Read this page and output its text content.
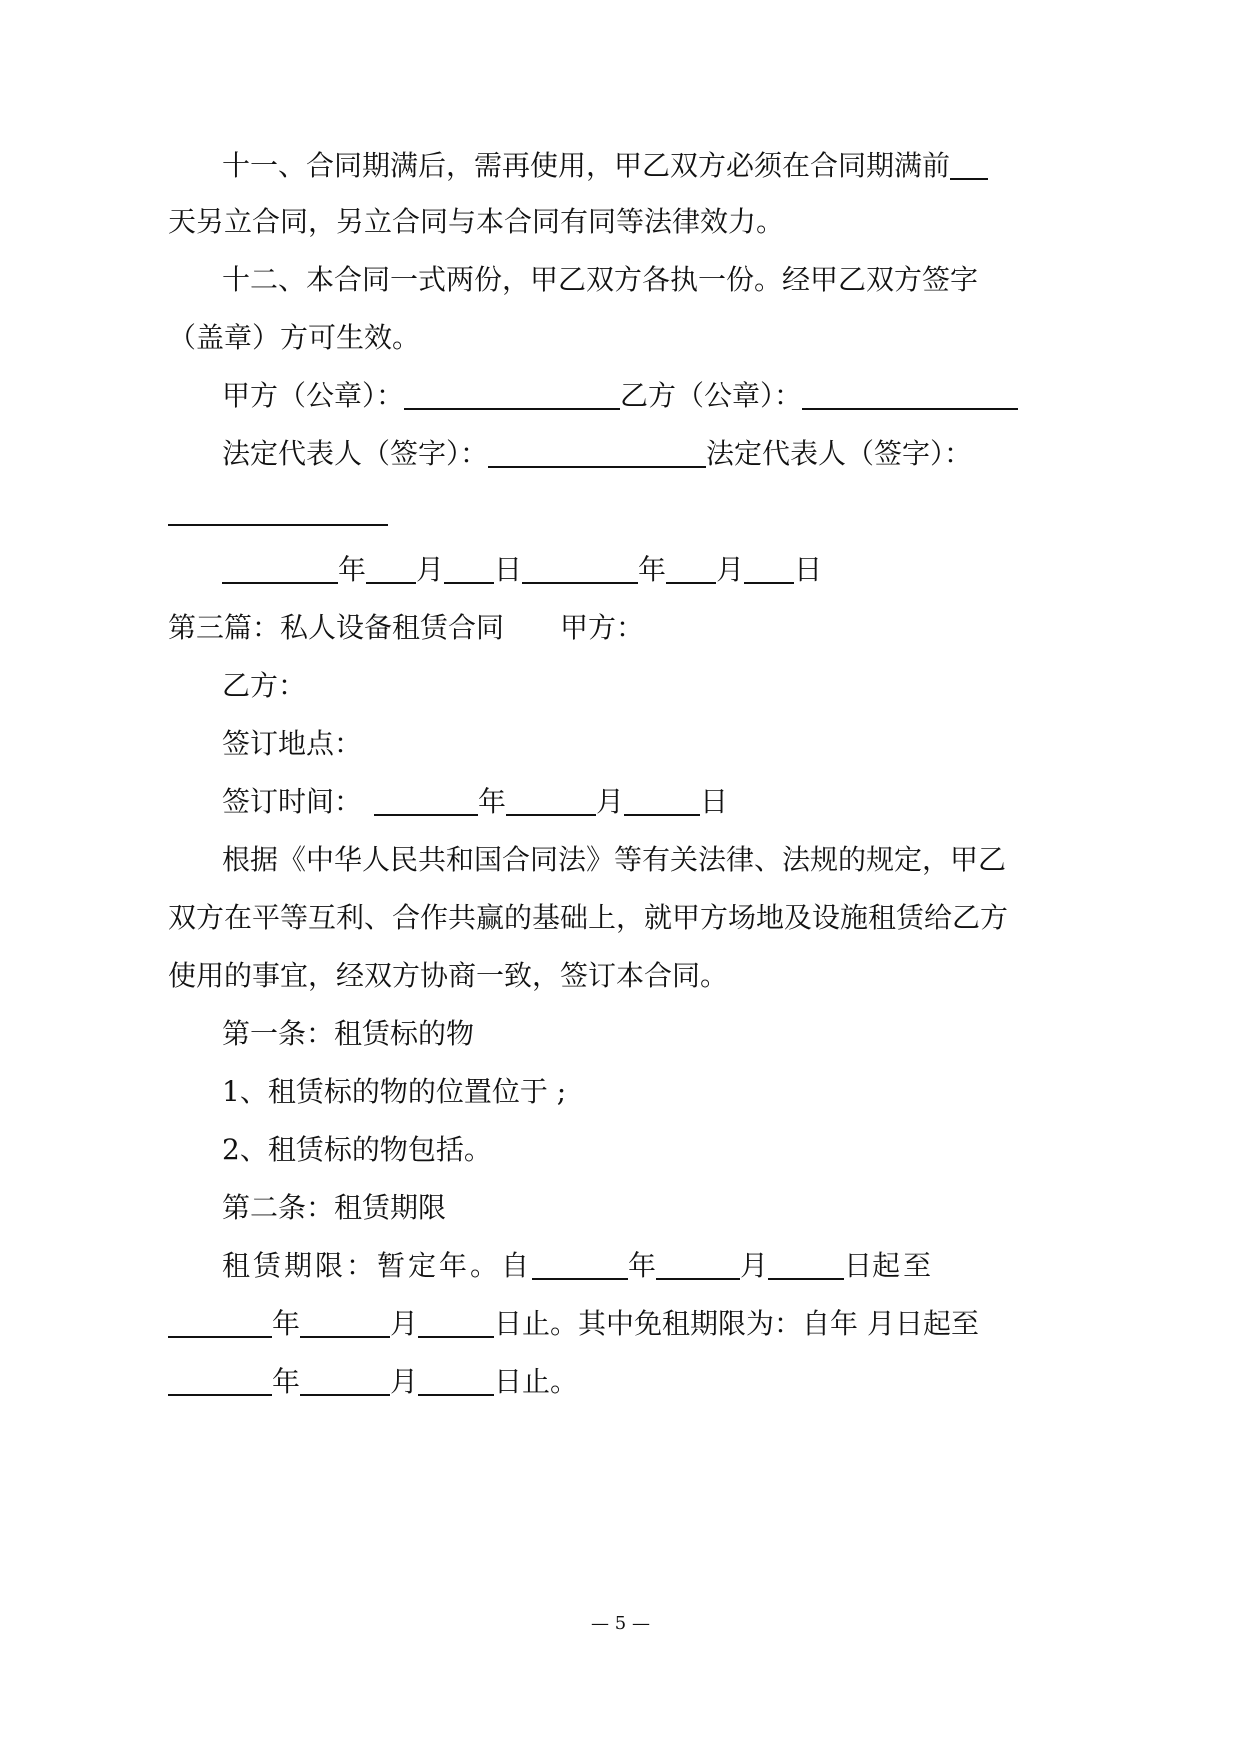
十一、合同期满后，需再使用，甲乙双方必须在合同期满前
天另立合同，另立合同与本合同有同等法律效力。
十二、本合同一式两份，甲乙双方各执一份。经甲乙双方签字
（盖章）方可生效。
甲方（公章）：	乙方（公章）：
法定代表人（签字）：	法定代表人（签字）：
年 月 日	年 月 日
第三篇：私人设备租赁合同 甲方：
乙方：
签订地点：
签订时间：	年	月	日
根据《中华人民共和国合同法》等有关法律、法规的规定，甲乙
双方在平等互利、合作共赢的基础上，就甲方场地及设施租赁给乙方
使用的事宜，经双方协商一致，签订本合同。
第一条：租赁标的物
1、租赁标的物的位置位于 ;
2、租赁标的物包括。
第二条：租赁期限
租赁期限：暂定年。自	年	月	日起至
年	月	日止。其中免租期限为：自年 月日起至
年	月	日止。
— 5 —
